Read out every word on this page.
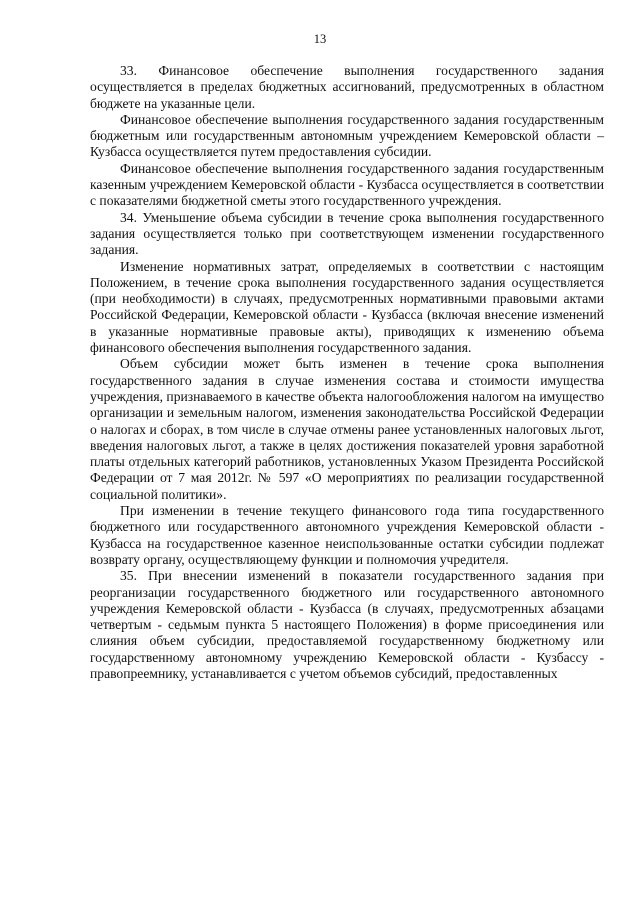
13

33. Финансовое обеспечение выполнения государственного задания осуществляется в пределах бюджетных ассигнований, предусмотренных в областном бюджете на указанные цели.

Финансовое обеспечение выполнения государственного задания государственным бюджетным или государственным автономным учреждением Кемеровской области – Кузбасса осуществляется путем предоставления субсидии.

Финансовое обеспечение выполнения государственного задания государственным казенным учреждением Кемеровской области - Кузбасса осуществляется в соответствии с показателями бюджетной сметы этого государственного учреждения.

34. Уменьшение объема субсидии в течение срока выполнения государственного задания осуществляется только при соответствующем изменении государственного задания.

Изменение нормативных затрат, определяемых в соответствии с настоящим Положением, в течение срока выполнения государственного задания осуществляется (при необходимости) в случаях, предусмотренных нормативными правовыми актами Российской Федерации, Кемеровской области - Кузбасса (включая внесение изменений в указанные нормативные правовые акты), приводящих к изменению объема финансового обеспечения выполнения государственного задания.

Объем субсидии может быть изменен в течение срока выполнения государственного задания в случае изменения состава и стоимости имущества учреждения, признаваемого в качестве объекта налогообложения налогом на имущество организации и земельным налогом, изменения законодательства Российской Федерации о налогах и сборах, в том числе в случае отмены ранее установленных налоговых льгот, введения налоговых льгот, а также в целях достижения показателей уровня заработной платы отдельных категорий работников, установленных Указом Президента Российской Федерации от 7 мая 2012г. № 597 «О мероприятиях по реализации государственной социальной политики».

При изменении в течение текущего финансового года типа государственного бюджетного или государственного автономного учреждения Кемеровской области - Кузбасса на государственное казенное неиспользованные остатки субсидии подлежат возврату органу, осуществляющему функции и полномочия учредителя.

35. При внесении изменений в показатели государственного задания при реорганизации государственного бюджетного или государственного автономного учреждения Кемеровской области - Кузбасса (в случаях, предусмотренных абзацами четвертым - седьмым пункта 5 настоящего Положения) в форме присоединения или слияния объем субсидии, предоставляемой государственному бюджетному или государственному автономному учреждению Кемеровской области - Кузбассу - правопреемнику, устанавливается с учетом объемов субсидий, предоставленных
